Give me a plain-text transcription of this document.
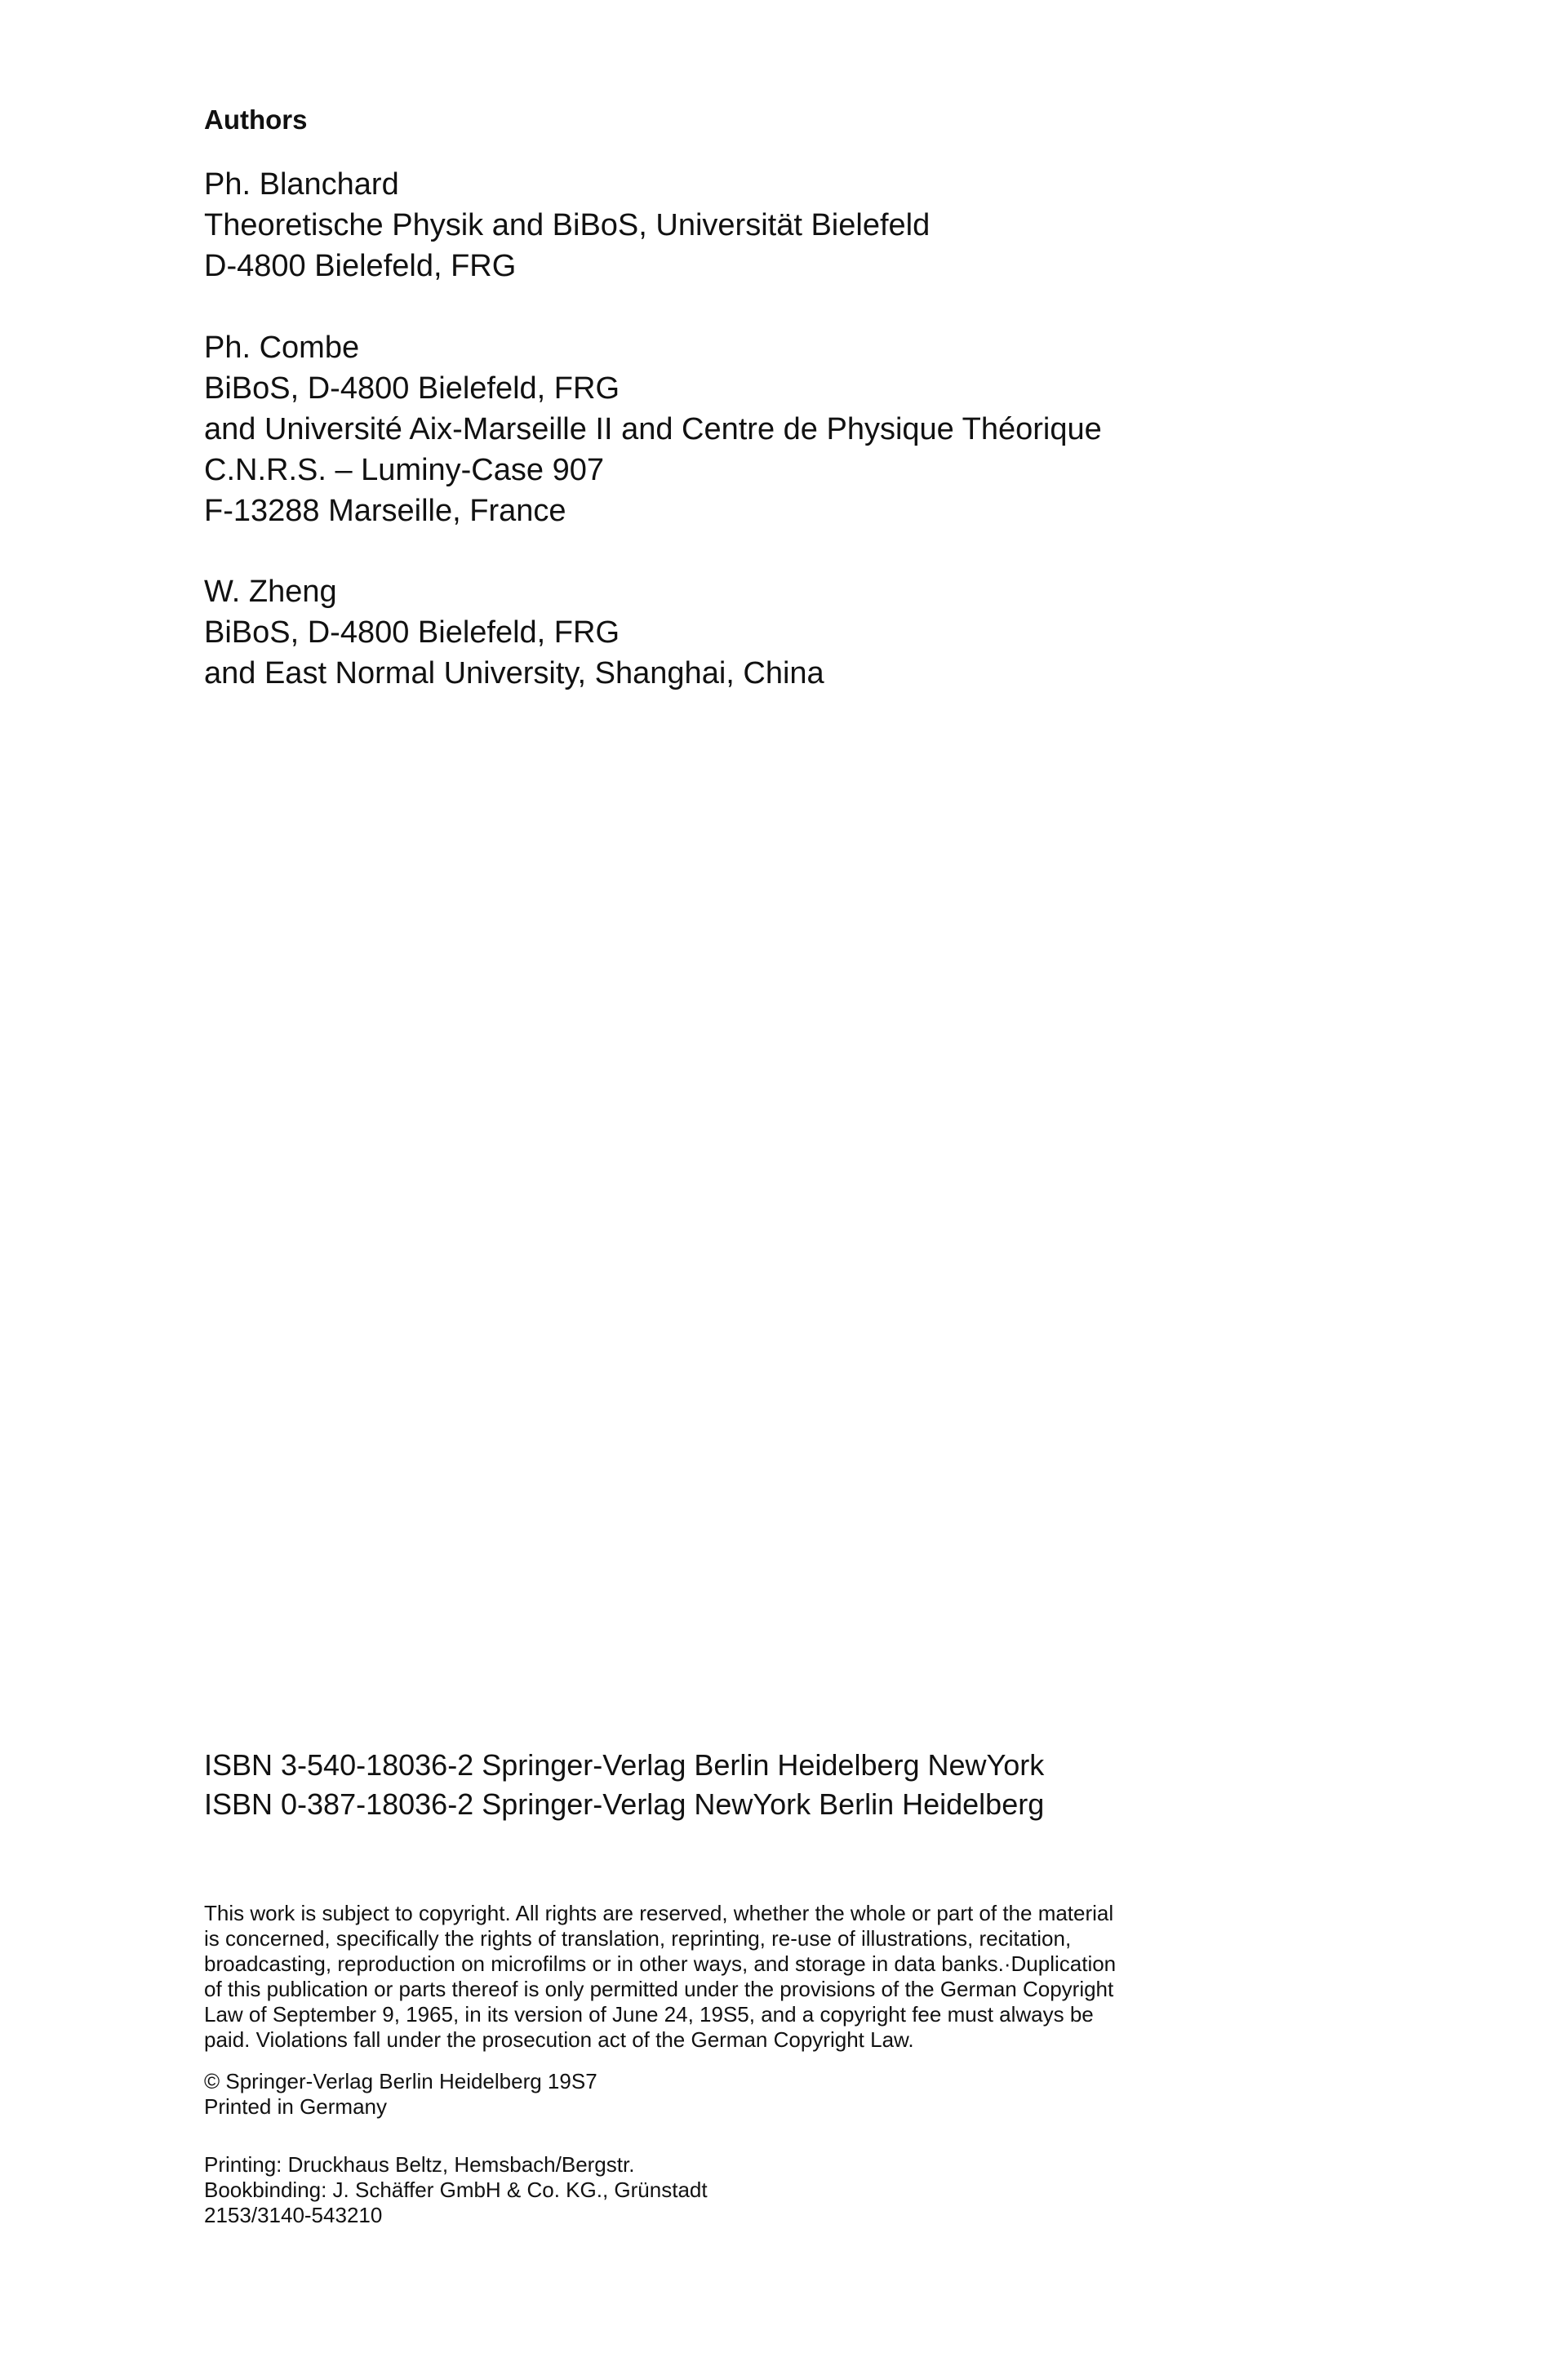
Authors
Ph. Blanchard
Theoretische Physik and BiBoS, Universität Bielefeld
D-4800 Bielefeld, FRG
Ph. Combe
BiBoS, D-4800 Bielefeld, FRG
and Université Aix-Marseille II and Centre de Physique Théorique
C.N.R.S. – Luminy-Case 907
F-13288 Marseille, France
W. Zheng
BiBoS, D-4800 Bielefeld, FRG
and East Normal University, Shanghai, China
ISBN 3-540-18036-2 Springer-Verlag Berlin Heidelberg NewYork
ISBN 0-387-18036-2 Springer-Verlag NewYork Berlin Heidelberg
This work is subject to copyright. All rights are reserved, whether the whole or part of the material
is concerned, specifically the rights of translation, reprinting, re-use of illustrations, recitation,
broadcasting, reproduction on microfilms or in other ways, and storage in data banks.·Duplication
of this publication or parts thereof is only permitted under the provisions of the German Copyright
Law of September 9, 1965, in its version of June 24, 19S5, and a copyright fee must always be
paid. Violations fall under the prosecution act of the German Copyright Law.
© Springer-Verlag Berlin Heidelberg 19S7
Printed in Germany
Printing: Druckhaus Beltz, Hemsbach/Bergstr.
Bookbinding: J. Schäffer GmbH & Co. KG., Grünstadt
2153/3140-543210
